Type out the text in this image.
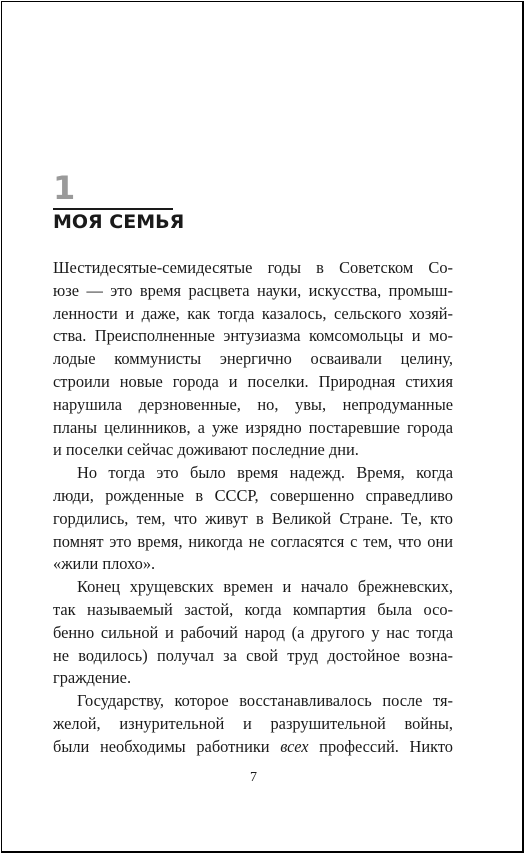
1
МОЯ СЕМЬЯ
Шестидесятые-семидесятые годы в Советском Со-
юзе — это время расцвета науки, искусства, промыш-
ленности и даже, как тогда казалось, сельского хозяй-
ства. Преисполненные энтузиазма комсомольцы и мо-
лодые коммунисты энергично осваивали целину,
строили новые города и поселки. Природная стихия
нарушила дерзновенные, но, увы, непродуманные
планы целинников, а уже изрядно постаревшие города
и поселки сейчас доживают последние дни.
Но тогда это было время надежд. Время, когда
люди, рожденные в СССР, совершенно справедливо
гордились, тем, что живут в Великой Стране. Те, кто
помнят это время, никогда не согласятся с тем, что они
«жили плохо».
Конец хрущевских времен и начало брежневских,
так называемый застой, когда компартия была осо-
бенно сильной и рабочий народ (а другого у нас тогда
не водилось) получал за свой труд достойное возна-
граждение.
Государству, которое восстанавливалось после тя-
желой, изнурительной и разрушительной войны,
были необходимы работники всех профессий. Никто
7
